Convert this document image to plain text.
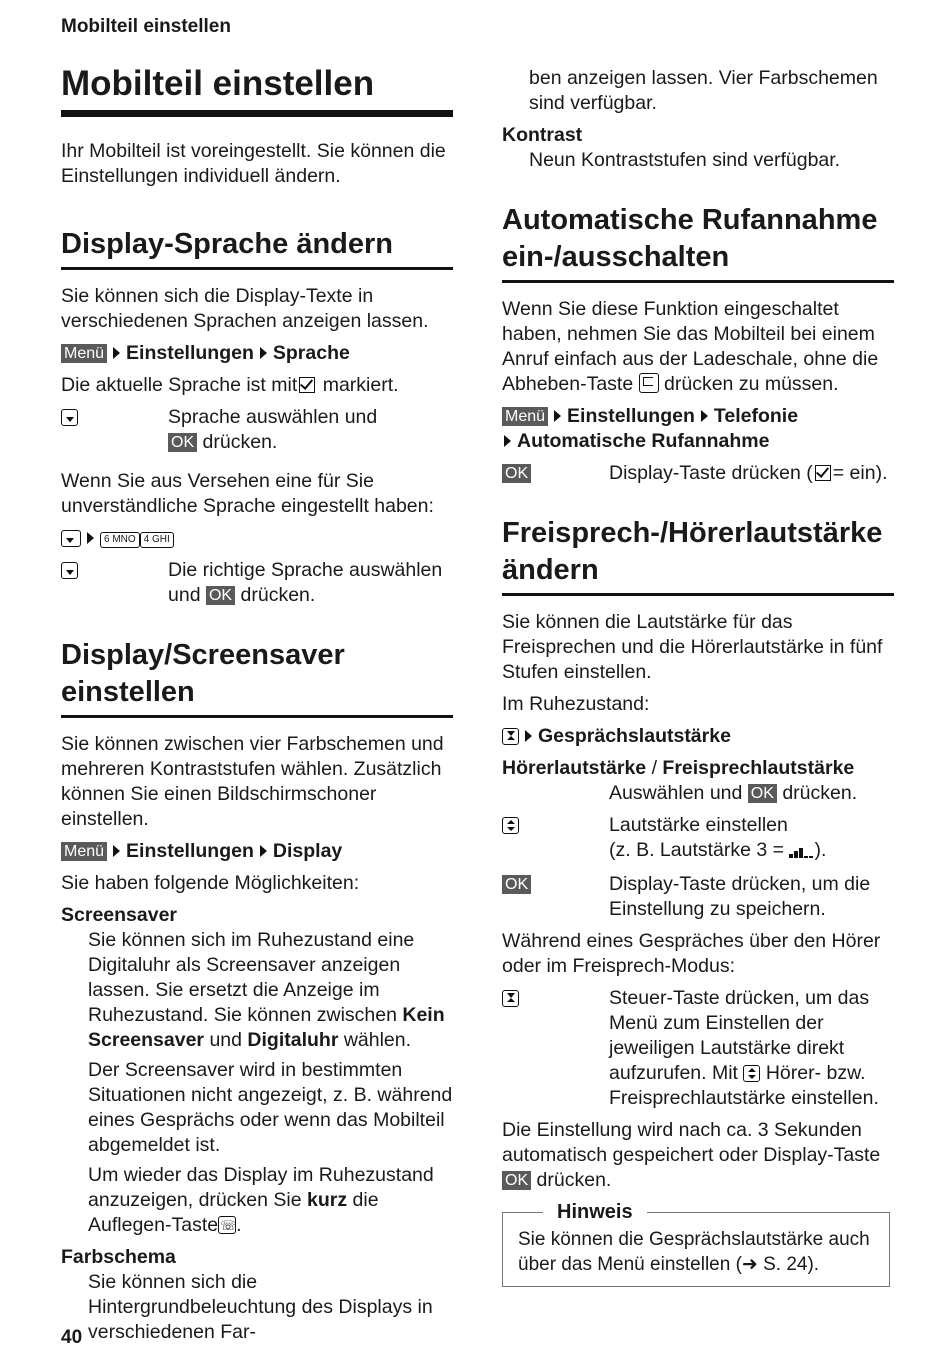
Mobilteil einstellen
Mobilteil einstellen

Ihr Mobilteil ist voreingestellt. Sie können die Einstellungen individuell ändern.

Display-Sprache ändern

Sie können sich die Display-Texte in verschiedenen Sprachen anzeigen lassen.

Menü Einstellungen Sprache

Die aktuelle Sprache ist mit markiert.

Sprache auswählen und
OK drücken.

Wenn Sie aus Versehen eine für Sie unverständliche Sprache eingestellt haben:

6 MNO 4 GHI

Die richtige Sprache auswählen und OK drücken.
Display/Screensaver einstellen

Sie können zwischen vier Farbschemen und mehreren Kontraststufen wählen. Zusätzlich können Sie einen Bildschirmschoner einstellen.

Menü Einstellungen Display

Sie haben folgende Möglichkeiten:

Screensaver

Sie können sich im Ruhezustand eine Digitaluhr als Screensaver anzeigen lassen. Sie ersetzt die Anzeige im Ruhezustand. Sie können zwischen Kein Screensaver und Digitaluhr wählen.

Der Screensaver wird in bestimmten Situationen nicht angezeigt, z. B. während eines Gesprächs oder wenn das Mobilteil abgemeldet ist.

Um wieder das Display im Ruhezustand anzuzeigen, drücken Sie kurz die Auflegen-Taste☏ .

Farbschema

Sie können sich die Hintergrundbeleuchtung des Displays in verschiedenen Far-

ben anzeigen lassen. Vier Farbschemen sind verfügbar.

Kontrast

Neun Kontraststufen sind verfügbar.

Automatische Rufannahme ein-/ausschalten

Wenn Sie diese Funktion eingeschaltet haben, nehmen Sie das Mobilteil bei einem Anruf einfach aus der Ladeschale, ohne die Abheben-Taste drücken zu müssen.

Menü Einstellungen Telefonie
Automatische Rufannahme

OK	Display-Taste drücken ( = ein).
Freisprech-/Hörerlautstärke ändern

Sie können die Lautstärke für das Freisprechen und die Hörerlautstärke in fünf Stufen einstellen.

Im Ruhezustand:

Gesprächslautstärke

Hörerlautstärke / Freisprechlautstärke

Auswählen und OK drücken.
Lautstärke einstellen
(z. B. Lautstärke 3 = ).
OK	Display-Taste drücken, um die Einstellung zu speichern.

Während eines Gespräches über den Hörer oder im Freisprech-Modus:

Steuer-Taste drücken, um das Menü zum Einstellen der jeweiligen Lautstärke direkt aufzurufen. Mit Hörer- bzw. Freisprechlautstärke einstellen.

Die Einstellung wird nach ca. 3 Sekunden automatisch gespeichert oder Display-Taste
OK drücken.

Hinweis
Sie können die Gesprächslautstärke auch über das Menü einstellen (➜ S. 24).
40
